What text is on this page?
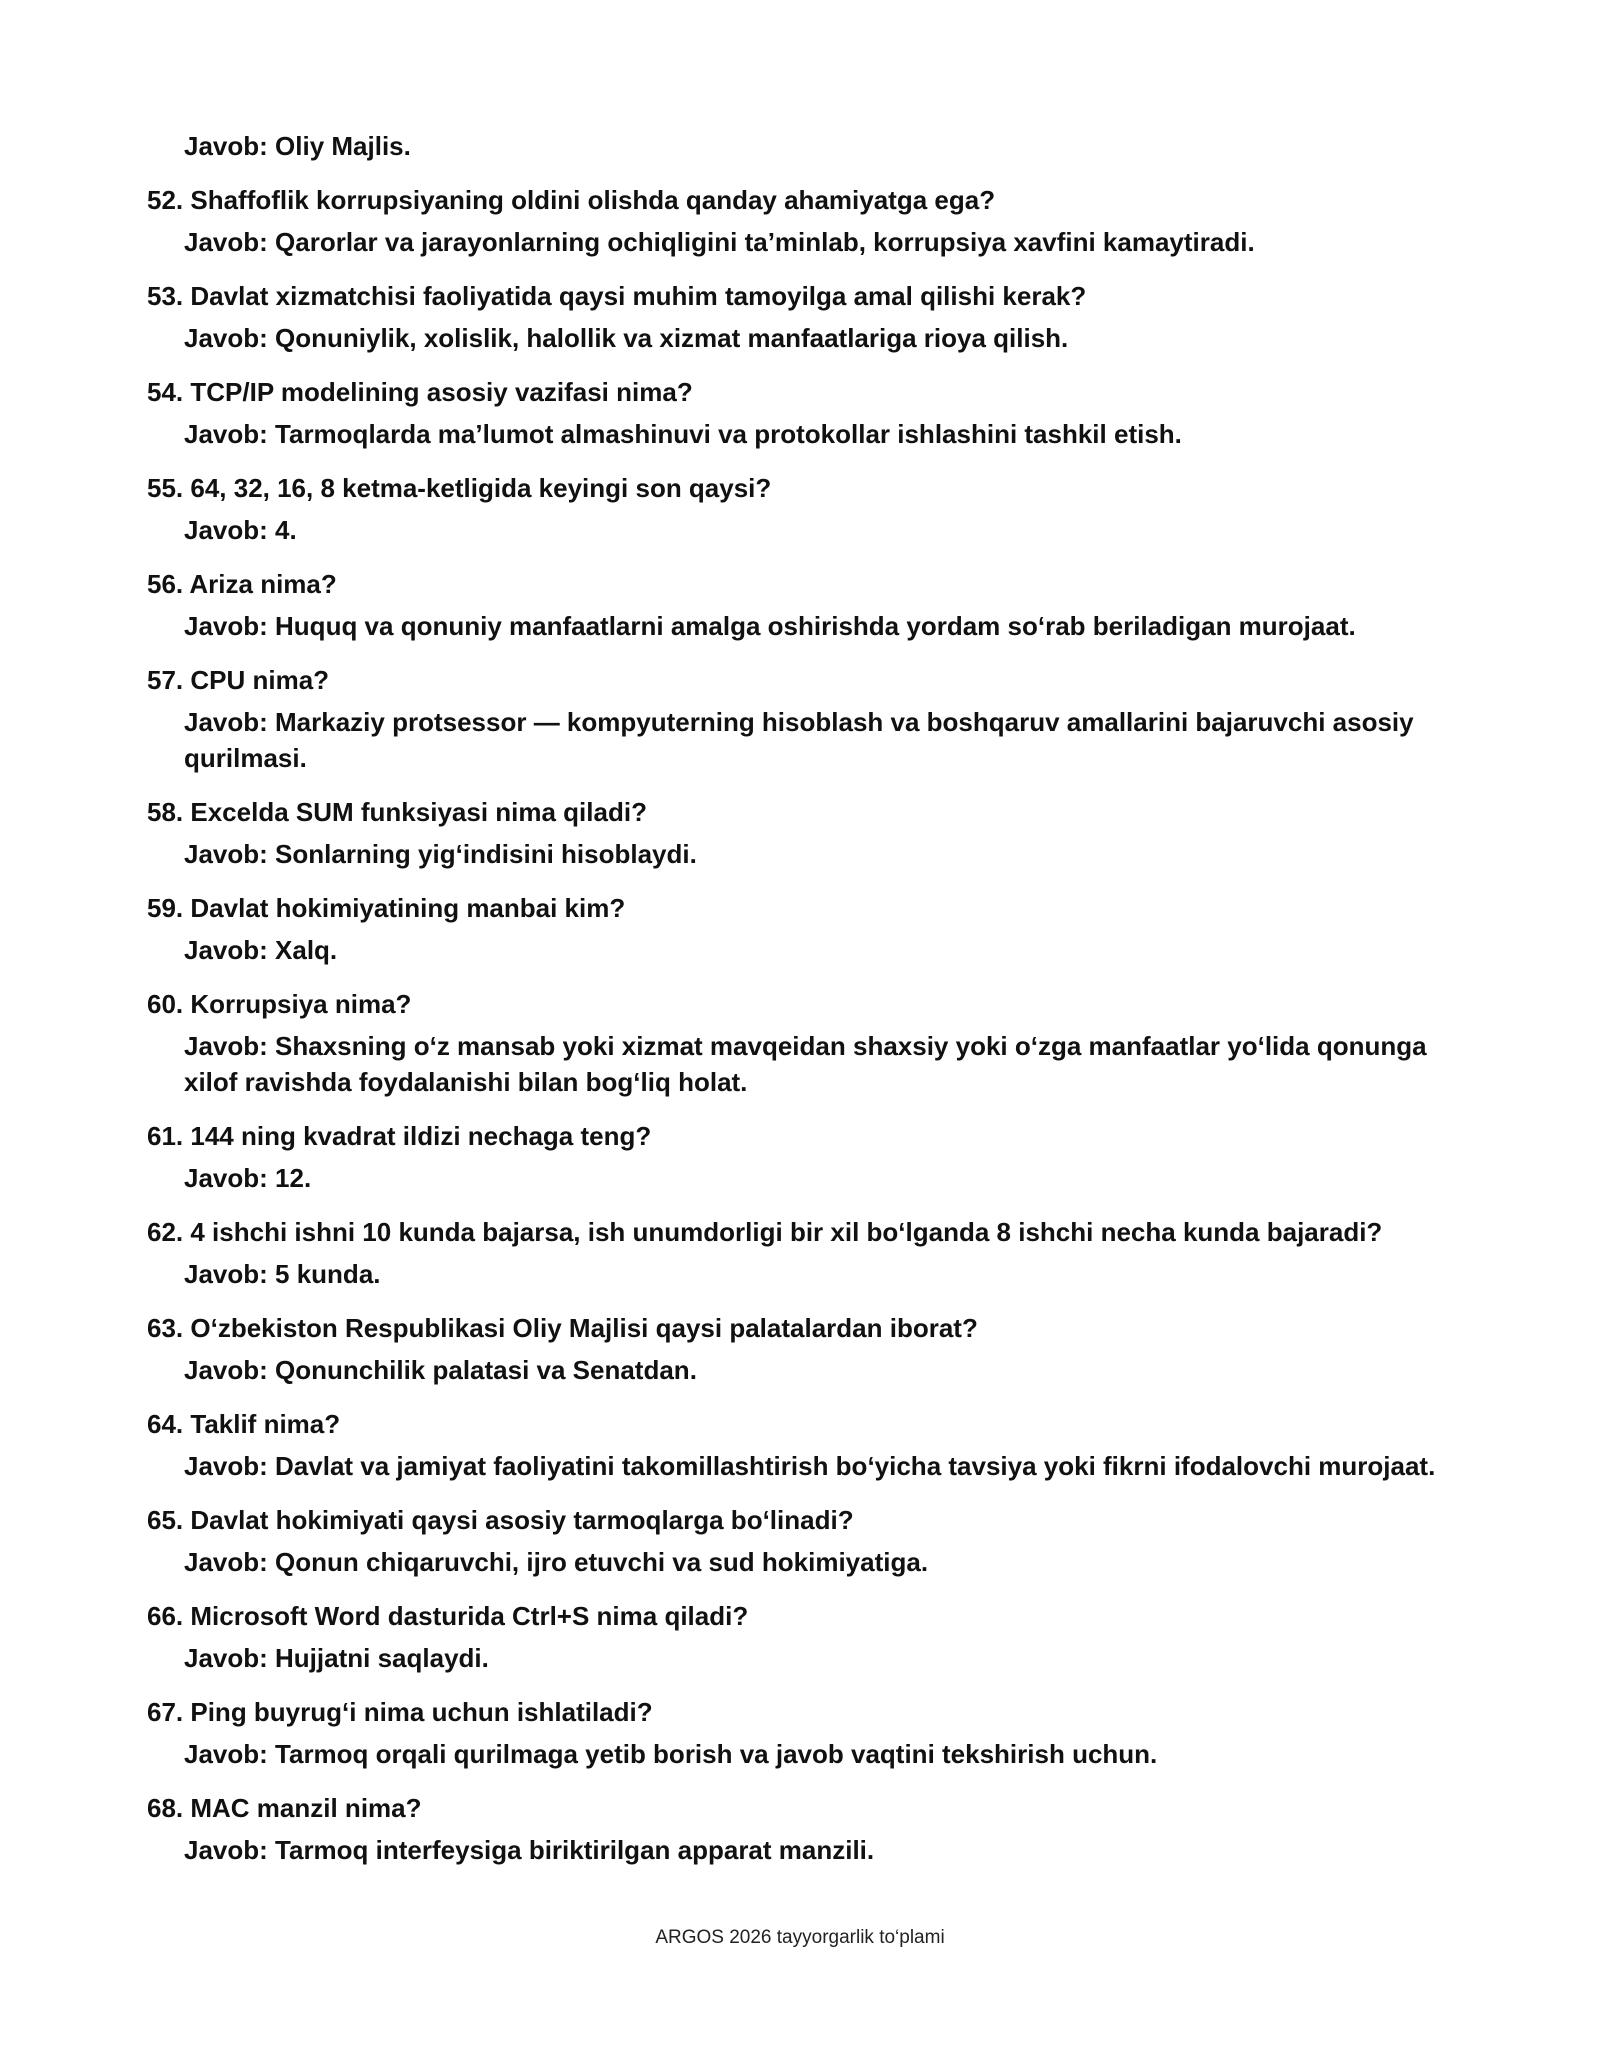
Javob: Oliy Majlis.
52. Shaffoflik korrupsiyaning oldini olishda qanday ahamiyatga ega?
Javob: Qarorlar va jarayonlarning ochiqligini ta’minlab, korrupsiya xavfini kamaytiradi.
53. Davlat xizmatchisi faoliyatida qaysi muhim tamoyilga amal qilishi kerak?
Javob: Qonuniylik, xolislik, halollik va xizmat manfaatlariga rioya qilish.
54. TCP/IP modelining asosiy vazifasi nima?
Javob: Tarmoqlarda ma’lumot almashinuvi va protokollar ishlashini tashkil etish.
55. 64, 32, 16, 8 ketma-ketligida keyingi son qaysi?
Javob: 4.
56. Ariza nima?
Javob: Huquq va qonuniy manfaatlarni amalga oshirishda yordam so‘rab beriladigan murojaat.
57. CPU nima?
Javob: Markaziy protsessor — kompyuterning hisoblash va boshqaruv amallarini bajaruvchi asosiy qurilmasi.
58. Excelda SUM funksiyasi nima qiladi?
Javob: Sonlarning yig‘indisini hisoblaydi.
59. Davlat hokimiyatining manbai kim?
Javob: Xalq.
60. Korrupsiya nima?
Javob: Shaxsning o‘z mansab yoki xizmat mavqeidan shaxsiy yoki o‘zga manfaatlar yo‘lida qonunga xilof ravishda foydalanishi bilan bog‘liq holat.
61. 144 ning kvadrat ildizi nechaga teng?
Javob: 12.
62. 4 ishchi ishni 10 kunda bajarsa, ish unumdorligi bir xil bo‘lganda 8 ishchi necha kunda bajaradi?
Javob: 5 kunda.
63. O‘zbekiston Respublikasi Oliy Majlisi qaysi palatalardan iborat?
Javob: Qonunchilik palatasi va Senatdan.
64. Taklif nima?
Javob: Davlat va jamiyat faoliyatini takomillashtirish bo‘yicha tavsiya yoki fikrni ifodalovchi murojaat.
65. Davlat hokimiyati qaysi asosiy tarmoqlarga bo‘linadi?
Javob: Qonun chiqaruvchi, ijro etuvchi va sud hokimiyatiga.
66. Microsoft Word dasturida Ctrl+S nima qiladi?
Javob: Hujjatni saqlaydi.
67. Ping buyrug‘i nima uchun ishlatiladi?
Javob: Tarmoq orqali qurilmaga yetib borish va javob vaqtini tekshirish uchun.
68. MAC manzil nima?
Javob: Tarmoq interfeysiga biriktirilgan apparat manzili.
ARGOS 2026 tayyorgarlik to‘plami
